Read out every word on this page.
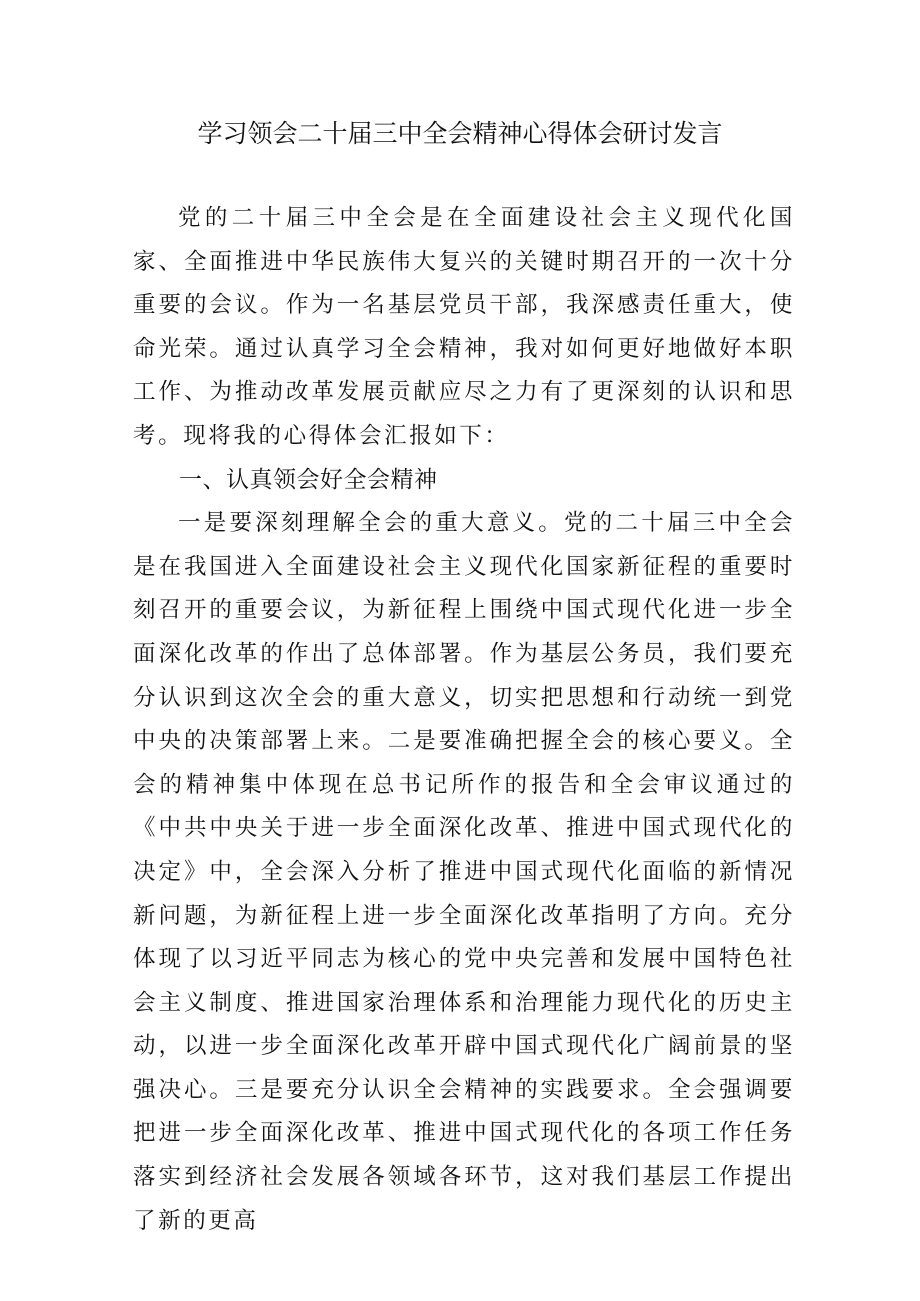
学习领会二十届三中全会精神心得体会研讨发言

党的二十届三中全会是在全面建设社会主义现代化国家、全面推进中华民族伟大复兴的关键时期召开的一次十分重要的会议。作为一名基层党员干部，我深感责任重大，使命光荣。通过认真学习全会精神，我对如何更好地做好本职工作、为推动改革发展贡献应尽之力有了更深刻的认识和思考。现将我的心得体会汇报如下：

一、认真领会好全会精神

一是要深刻理解全会的重大意义。党的二十届三中全会是在我国进入全面建设社会主义现代化国家新征程的重要时刻召开的重要会议，为新征程上围绕中国式现代化进一步全面深化改革的作出了总体部署。作为基层公务员，我们要充分认识到这次全会的重大意义，切实把思想和行动统一到党中央的决策部署上来。二是要准确把握全会的核心要义。全会的精神集中体现在总书记所作的报告和全会审议通过的《中共中央关于进一步全面深化改革、推进中国式现代化的决定》中，全会深入分析了推进中国式现代化面临的新情况新问题，为新征程上进一步全面深化改革指明了方向。充分体现了以习近平同志为核心的党中央完善和发展中国特色社会主义制度、推进国家治理体系和治理能力现代化的历史主动，以进一步全面深化改革开辟中国式现代化广阔前景的坚强决心。三是要充分认识全会精神的实践要求。全会强调要把进一步全面深化改革、推进中国式现代化的各项工作任务落实到经济社会发展各领域各环节，这对我们基层工作提出了新的更高
